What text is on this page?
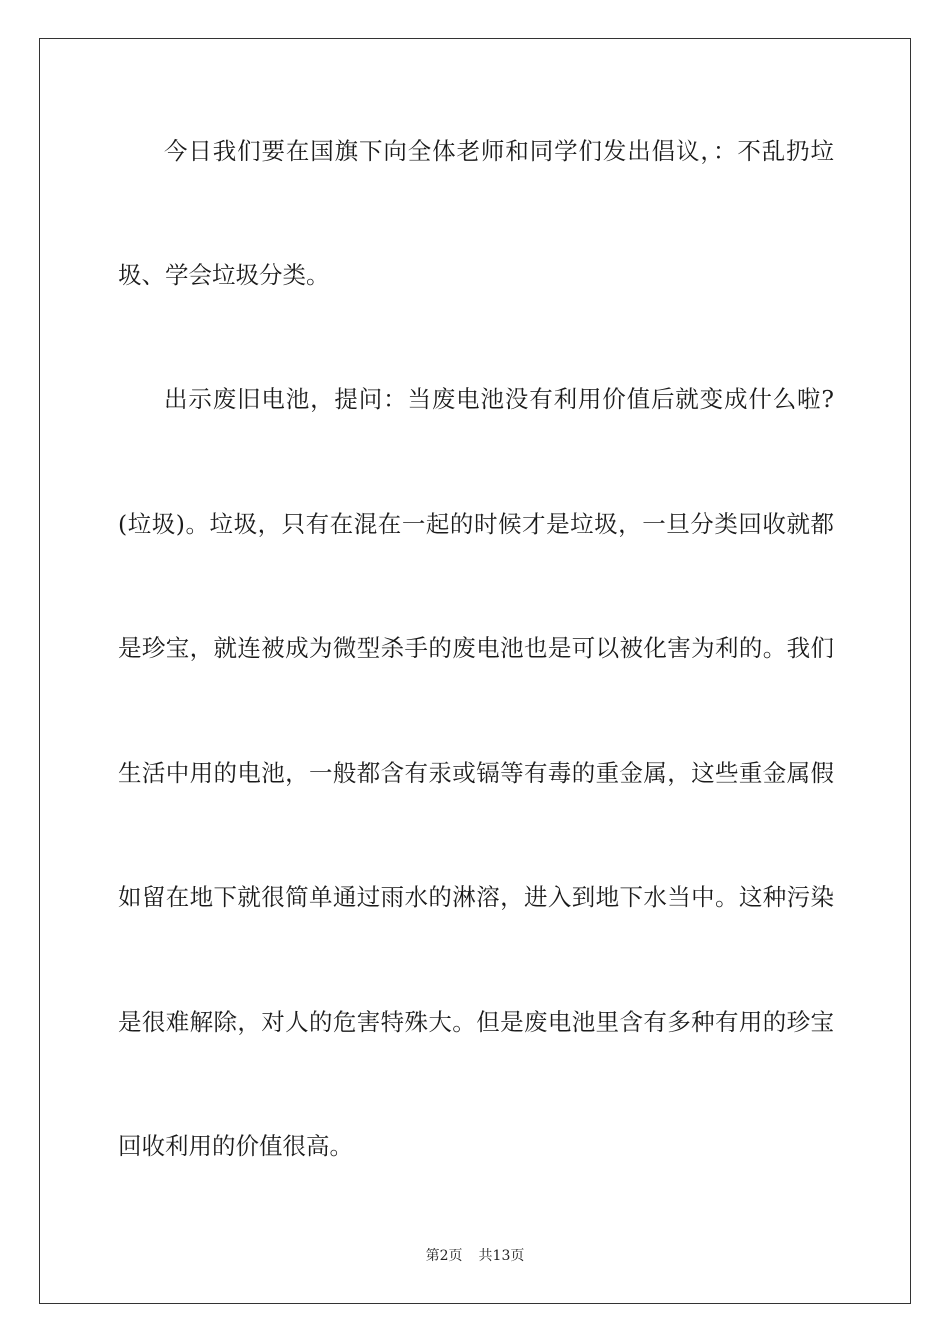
今日我们要在国旗下向全体老师和同学们发出倡议，：不乱扔垃
圾、学会垃圾分类。
出示废旧电池，提问：当废电池没有利用价值后就变成什么啦?
(垃圾)。垃圾，只有在混在一起的时候才是垃圾，一旦分类回收就都
是珍宝，就连被成为微型杀手的废电池也是可以被化害为利的。我们
生活中用的电池，一般都含有汞或镉等有毒的重金属，这些重金属假
如留在地下就很简单通过雨水的淋溶，进入到地下水当中。这种污染
是很难解除，对人的危害特殊大。但是废电池里含有多种有用的珍宝
回收利用的价值很高。
第2页 共13页
